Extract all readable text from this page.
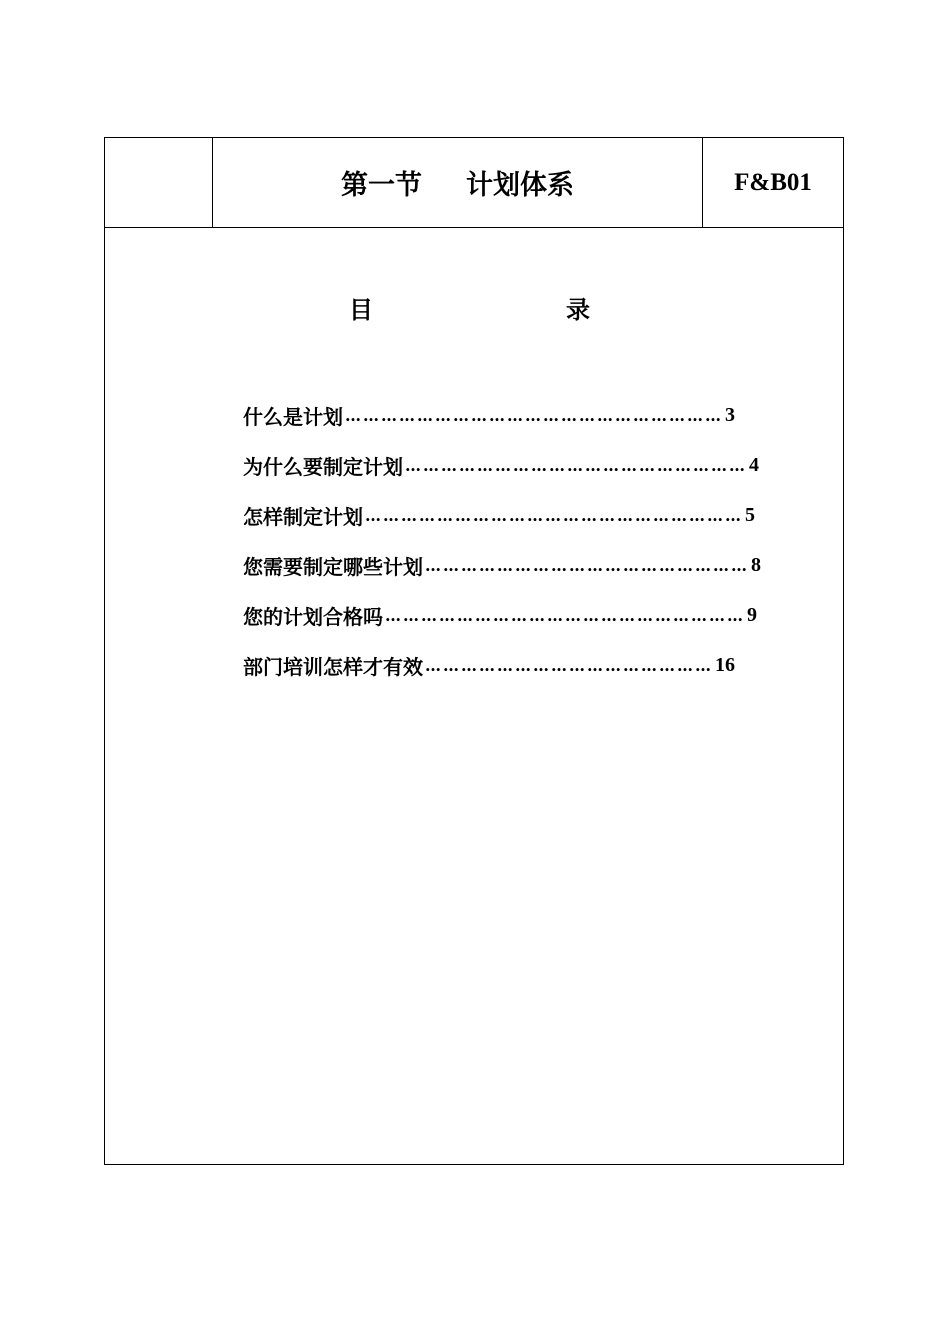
第一节 计划体系	F&B01
目	录
什么是计划 ……………………………………………………… 3
为什么要制定计划 ………………………………………………… 4
怎样制定计划 ……………………………………………………… 5
您需要制定哪些计划 ……………………………………………… 8
您的计划合格吗 …………………………………………………… 9
部门培训怎样才有效 ………………………………………… 16
